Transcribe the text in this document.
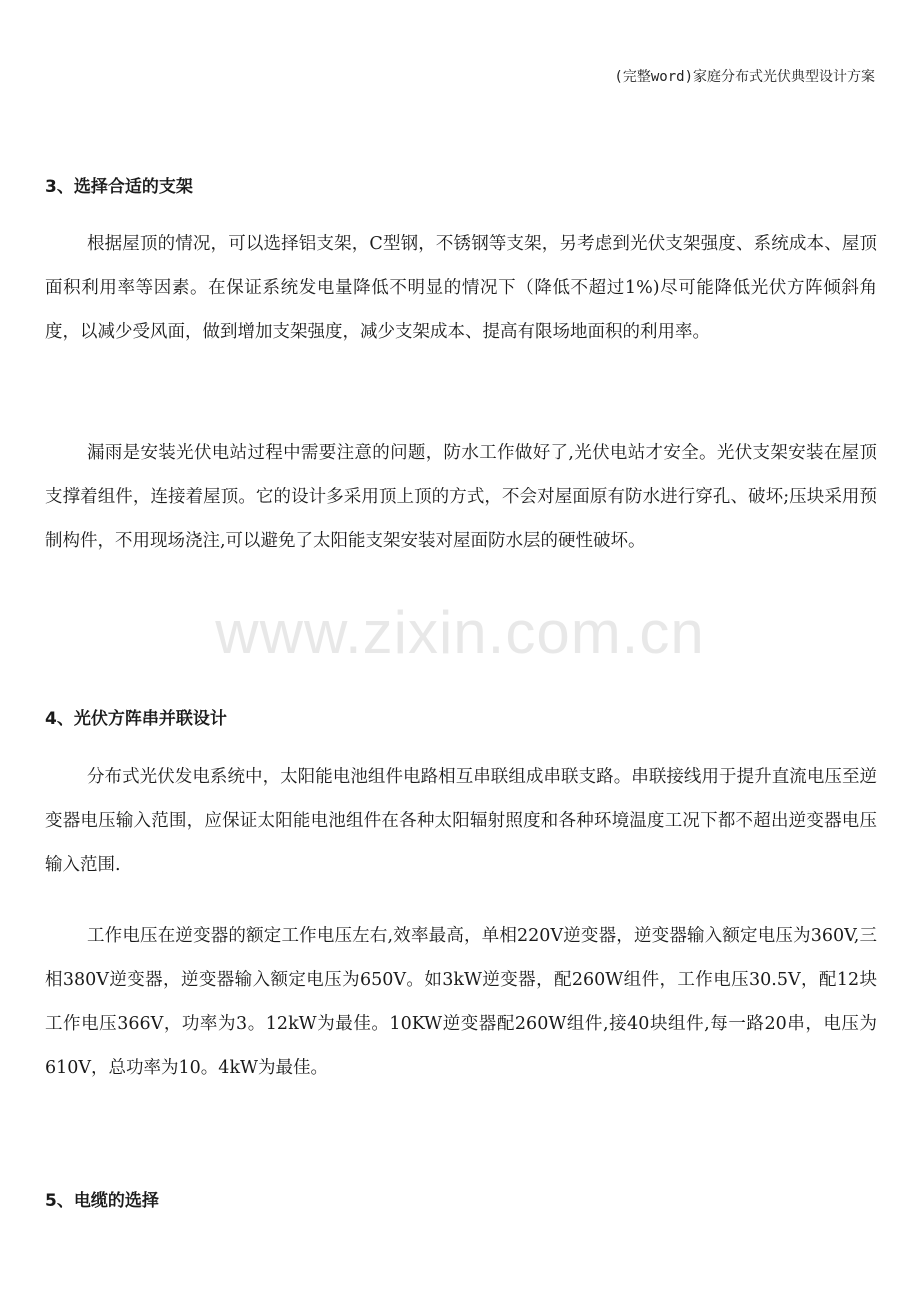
(完整word)家庭分布式光伏典型设计方案
3、选择合适的支架

根据屋顶的情况，可以选择铝支架，C型钢，不锈钢等支架，另考虑到光伏支架强度、系统成本、屋顶面积利用率等因素。在保证系统发电量降低不明显的情况下（降低不超过1%)尽可能降低光伏方阵倾斜角度，以减少受风面，做到增加支架强度，减少支架成本、提高有限场地面积的利用率。

漏雨是安装光伏电站过程中需要注意的问题，防水工作做好了,光伏电站才安全。光伏支架安装在屋顶支撑着组件，连接着屋顶。它的设计多采用顶上顶的方式，不会对屋面原有防水进行穿孔、破坏;压块采用预制构件，不用现场浇注,可以避免了太阳能支架安装对屋面防水层的硬性破坏。

www.zixin.com.cn
4、光伏方阵串并联设计

分布式光伏发电系统中，太阳能电池组件电路相互串联组成串联支路。串联接线用于提升直流电压至逆变器电压输入范围，应保证太阳能电池组件在各种太阳辐射照度和各种环境温度工况下都不超出逆变器电压输入范围.

工作电压在逆变器的额定工作电压左右,效率最高，单相220V逆变器，逆变器输入额定电压为360V,三相380V逆变器，逆变器输入额定电压为650V。如3kW逆变器，配260W组件，工作电压30.5V，配12块工作电压366V，功率为3。12kW为最佳。10KW逆变器配260W组件,接40块组件,每一路20串，电压为610V，总功率为10。4kW为最佳。

5、电缆的选择
